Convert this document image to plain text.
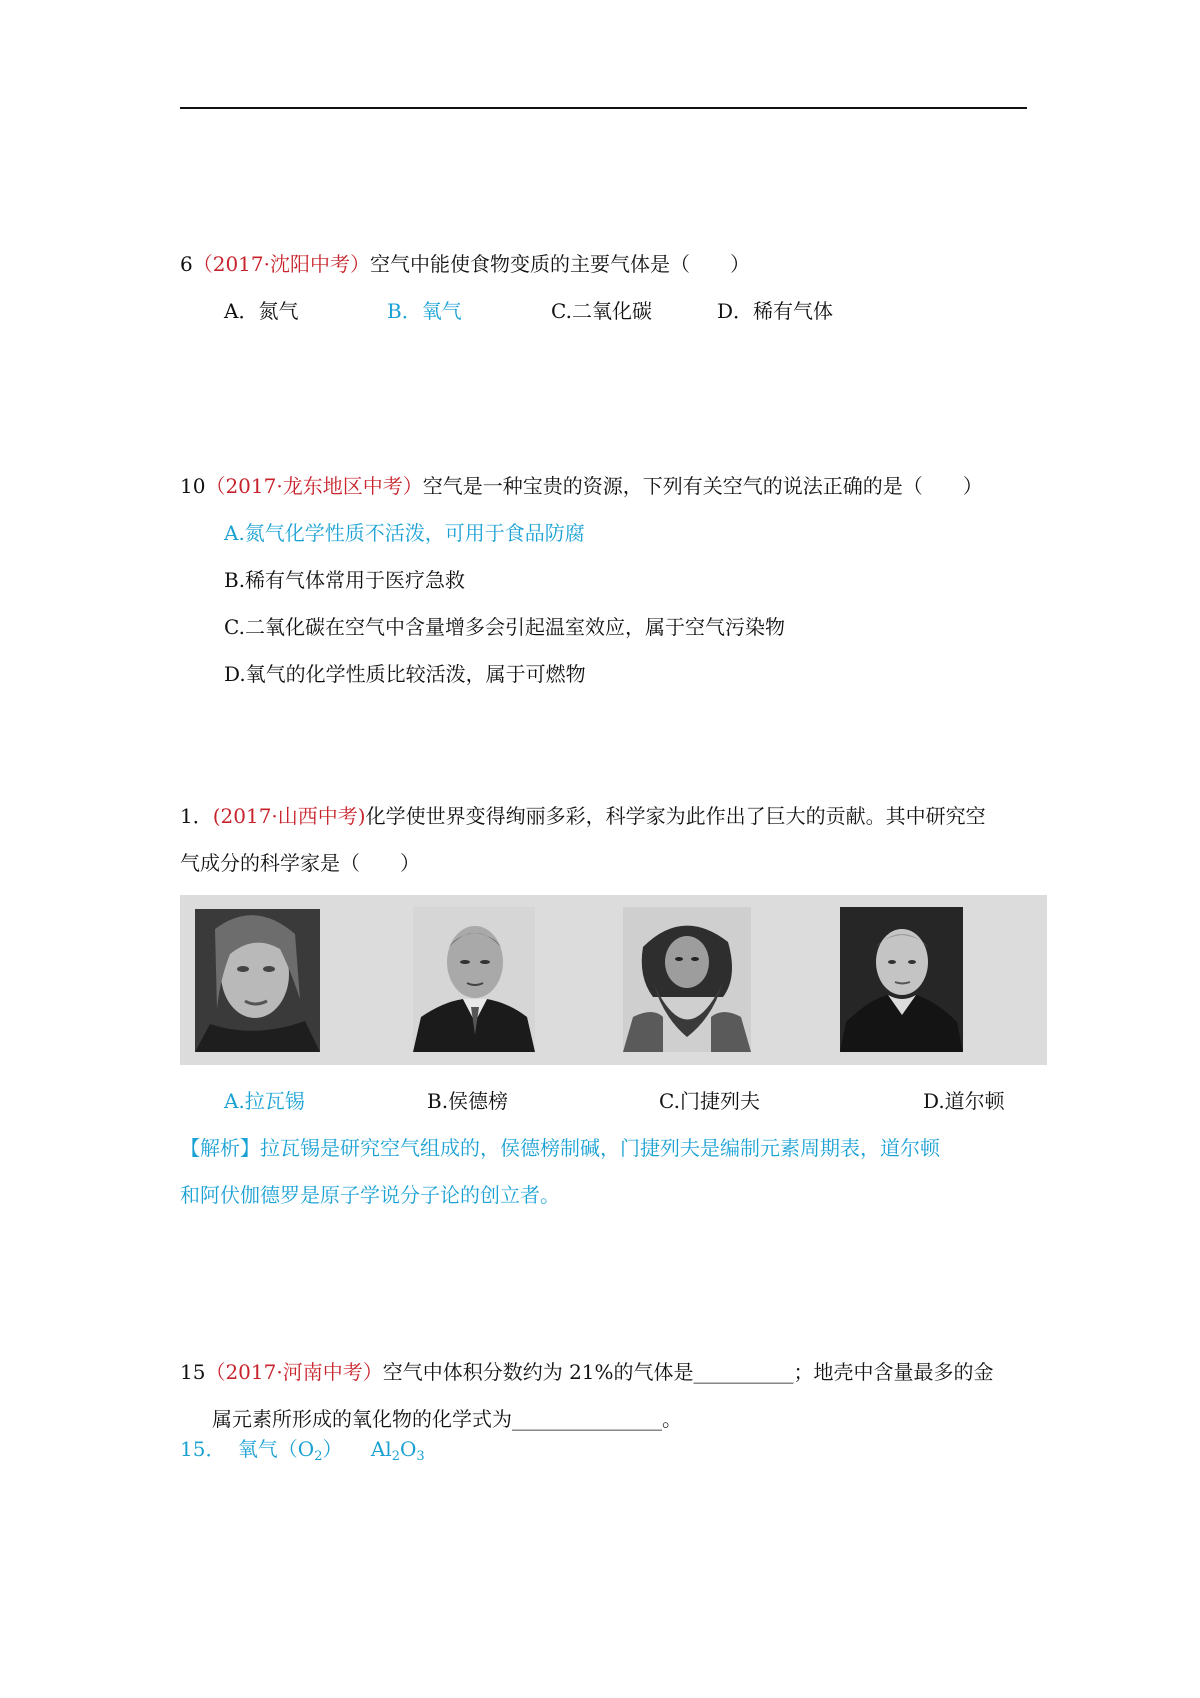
6（2017·沈阳中考）空气中能使食物变质的主要气体是（　　）
A．氮气	B．氧气	C.二氧化碳	D．稀有气体
10（2017·龙东地区中考）空气是一种宝贵的资源，下列有关空气的说法正确的是（　　）
A.氮气化学性质不活泼，可用于食品防腐
B.稀有气体常用于医疗急救
C.二氧化碳在空气中含量增多会引起温室效应，属于空气污染物
D.氧气的化学性质比较活泼，属于可燃物
1．(2017·山西中考)化学使世界变得绚丽多彩，科学家为此作出了巨大的贡献。其中研究空
气成分的科学家是（　　）
A.拉瓦锡	B.侯德榜	C.门捷列夫	D.道尔顿
【解析】拉瓦锡是研究空气组成的，侯德榜制碱，门捷列夫是编制元素周期表，道尔顿
和阿伏伽德罗是原子学说分子论的创立者。
15（2017·河南中考）空气中体积分数约为 21%的气体是__________；地壳中含量最多的金
属元素所形成的氧化物的化学式为_______________。
15． 氧气$(O_2)$ $Al_2O_3$
